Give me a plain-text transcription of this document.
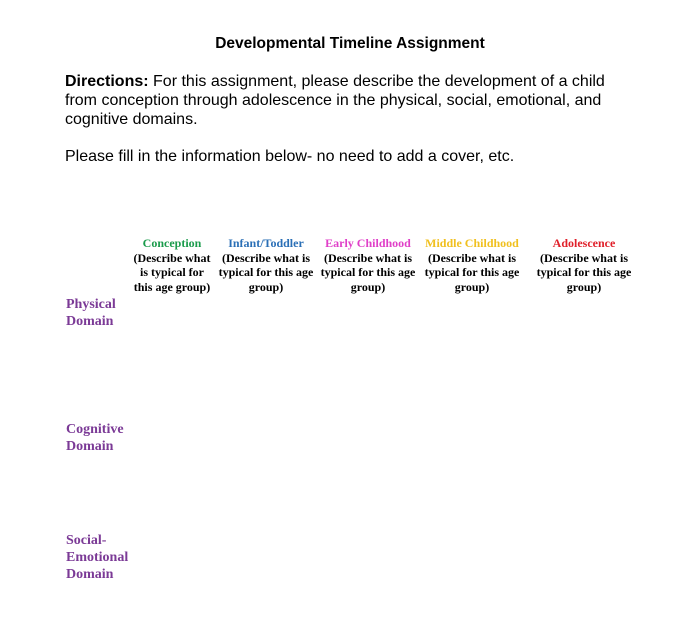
Developmental Timeline Assignment
Directions: For this assignment, please describe the development of a child from conception through adolescence in the physical, social, emotional, and cognitive domains.
Please fill in the information below- no need to add a cover, etc.
Conception
(Describe what is typical for this age group)
Infant/Toddler
(Describe what is typical for this age group)
Early Childhood
(Describe what is typical for this age group)
Middle Childhood
(Describe what is typical for this age group)
Adolescence
(Describe what is typical for this age group)
Physical
Domain
Cognitive
Domain
Social-
Emotional
Domain
